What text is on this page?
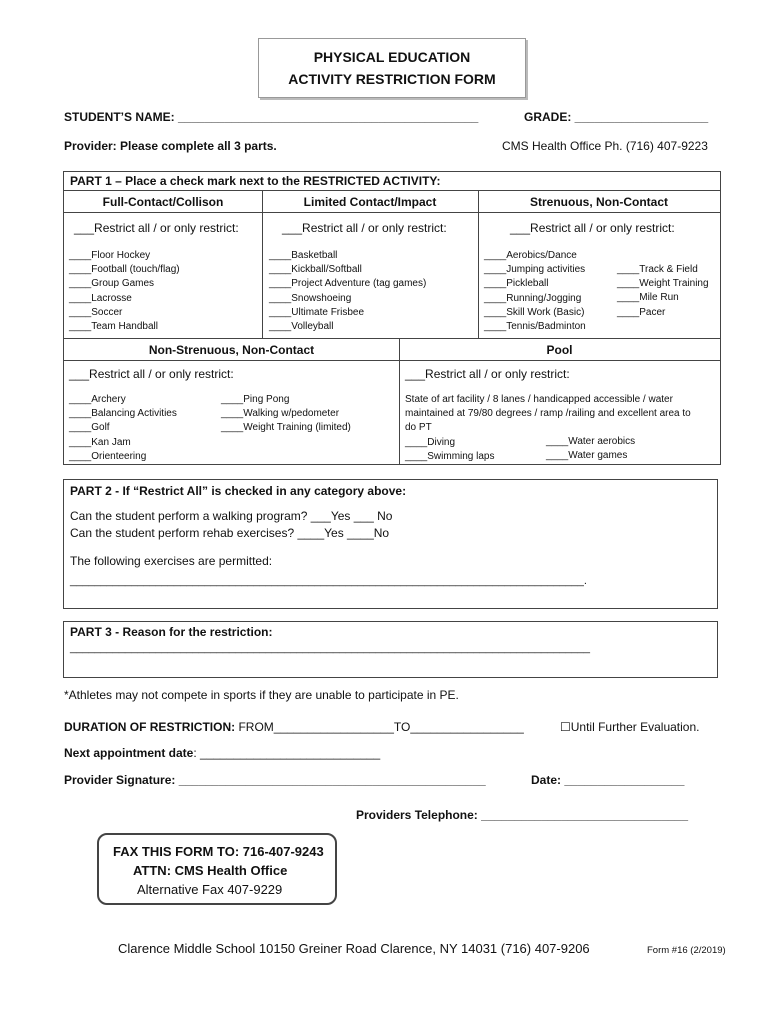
PHYSICAL EDUCATION
ACTIVITY RESTRICTION FORM
STUDENT’S NAME: _____________________________________________	GRADE: ____________________
Provider: Please complete all 3 parts.	CMS Health Office Ph. (716) 407-9223
PART 1 – Place a check mark next to the RESTRICTED ACTIVITY:
Full-Contact/Collison
___Restrict all / or only restrict:
____Floor Hockey
____Football (touch/flag)
____Group Games
____Lacrosse
____Soccer
____Team Handball
Limited Contact/Impact
___Restrict all / or only restrict:
____Basketball
____Kickball/Softball
____Project Adventure (tag games)
____Snowshoeing
____Ultimate Frisbee
____Volleyball
Strenuous, Non-Contact
___Restrict all / or only restrict:
____Aerobics/Dance
____Jumping activities
____Pickleball
____Running/Jogging
____Skill Work (Basic)
____Tennis/Badminton
____Track & Field
____Weight Training
____Mile Run
____Pacer
Non-Strenuous, Non-Contact
___Restrict all / or only restrict:
____Archery
____Balancing Activities
____Golf
____Kan Jam
____Orienteering
____Ping Pong
____Walking w/pedometer
____Weight Training (limited)
Pool
___Restrict all / or only restrict:
State of art facility / 8 lanes / handicapped accessible / water
maintained at 79/80 degrees / ramp /railing and excellent area to
do PT
____Diving
____Swimming laps
____Water aerobics
____Water games
PART 2 - If “Restrict All” is checked in any category above:
Can the student perform a walking program? ___Yes ___ No
Can the student perform rehab exercises? ____Yes ____No
The following exercises are permitted:
____________________________________________________________________________________.
PART 3 - Reason for the restriction:
_____________________________________________________________________________________
*Athletes may not compete in sports if they are unable to participate in PE.
DURATION OF RESTRICTION: FROM__________________TO_________________	☐Until Further Evaluation.
Next appointment date: ___________________________
Provider Signature: ______________________________________________	Date: __________________
Providers Telephone: _______________________________
FAX THIS FORM TO: 716-407-9243
ATTN: CMS Health Office
Alternative Fax 407-9229
Clarence Middle School 10150 Greiner Road Clarence, NY 14031 (716) 407-9206	Form #16 (2/2019)
